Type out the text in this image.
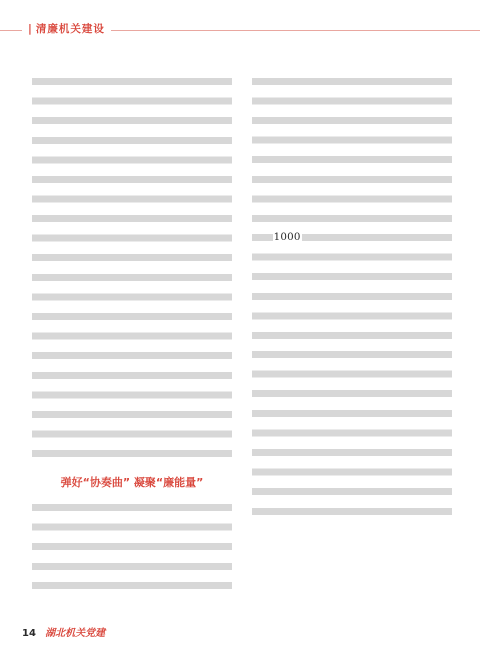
| 清廉机关建设

弹好“协奏曲” 凝聚“廉能量”

1000

14 湖北机关党建
